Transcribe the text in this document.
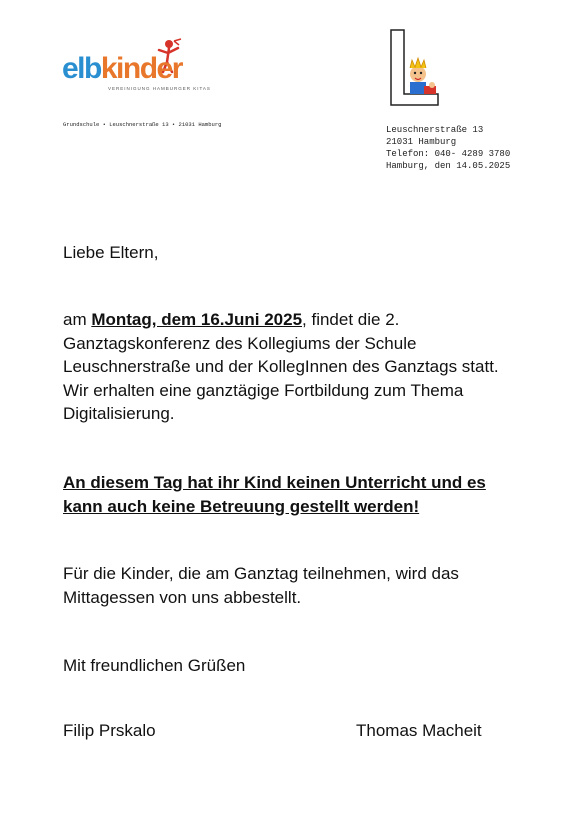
elbkinder
VEREINIGUNG HAMBURGER KITAS
Grundschule • Leuschnerstraße 13 • 21031 Hamburg
Leuschnerstraße 13
21031 Hamburg
Telefon: 040- 4289 3780
Hamburg, den 14.05.2025
Liebe Eltern,
am Montag, dem 16.Juni 2025, findet die 2. Ganztagskonferenz des Kollegiums der Schule Leuschnerstraße und der KollegInnen des Ganztags statt. Wir erhalten eine ganztägige Fortbildung zum Thema Digitalisierung.
An diesem Tag hat ihr Kind keinen Unterricht und es kann auch keine Betreuung gestellt werden!
Für die Kinder, die am Ganztag teilnehmen, wird das Mittagessen von uns abbestellt.
Mit freundlichen Grüßen
Filip Prskalo	Thomas Macheit
